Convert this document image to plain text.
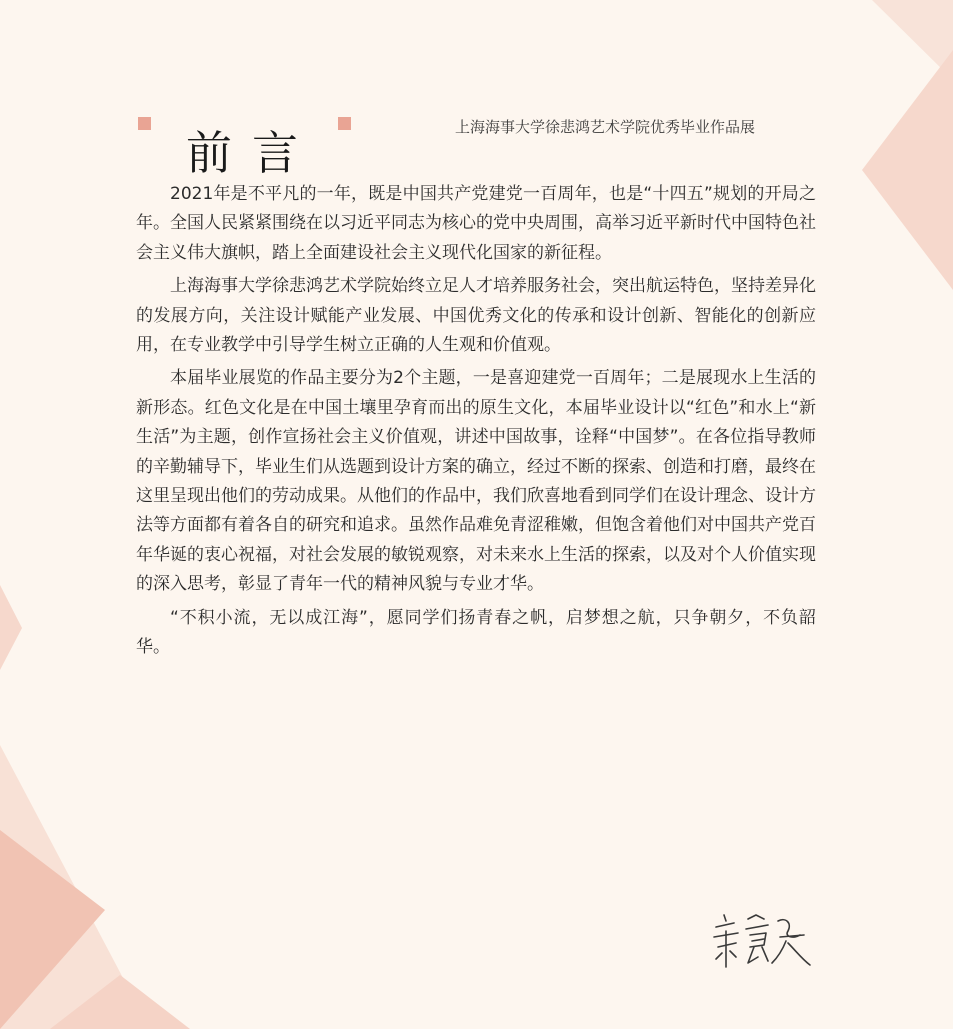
前言	上海海事大学徐悲鸿艺术学院优秀毕业作品展

2021年是不平凡的一年，既是中国共产党建党一百周年，也是“十四五”规划的开局之年。全国人民紧紧围绕在以习近平同志为核心的党中央周围，高举习近平新时代中国特色社会主义伟大旗帜，踏上全面建设社会主义现代化国家的新征程。

上海海事大学徐悲鸿艺术学院始终立足人才培养服务社会，突出航运特色，坚持差异化的发展方向，关注设计赋能产业发展、中国优秀文化的传承和设计创新、智能化的创新应用，在专业教学中引导学生树立正确的人生观和价值观。

本届毕业展览的作品主要分为2个主题，一是喜迎建党一百周年；二是展现水上生活的新形态。红色文化是在中国土壤里孕育而出的原生文化，本届毕业设计以“红色”和水上“新生活”为主题，创作宣扬社会主义价值观，讲述中国故事，诠释“中国梦”。在各位指导教师的辛勤辅导下，毕业生们从选题到设计方案的确立，经过不断的探索、创造和打磨，最终在这里呈现出他们的劳动成果。从他们的作品中，我们欣喜地看到同学们在设计理念、设计方法等方面都有着各自的研究和追求。虽然作品难免青涩稚嫩，但饱含着他们对中国共产党百年华诞的衷心祝福，对社会发展的敏锐观察，对未来水上生活的探索，以及对个人价值实现的深入思考，彰显了青年一代的精神风貌与专业才华。

“不积小流，无以成江海”，愿同学们扬青春之帆，启梦想之航，只争朝夕，不负韶华。
